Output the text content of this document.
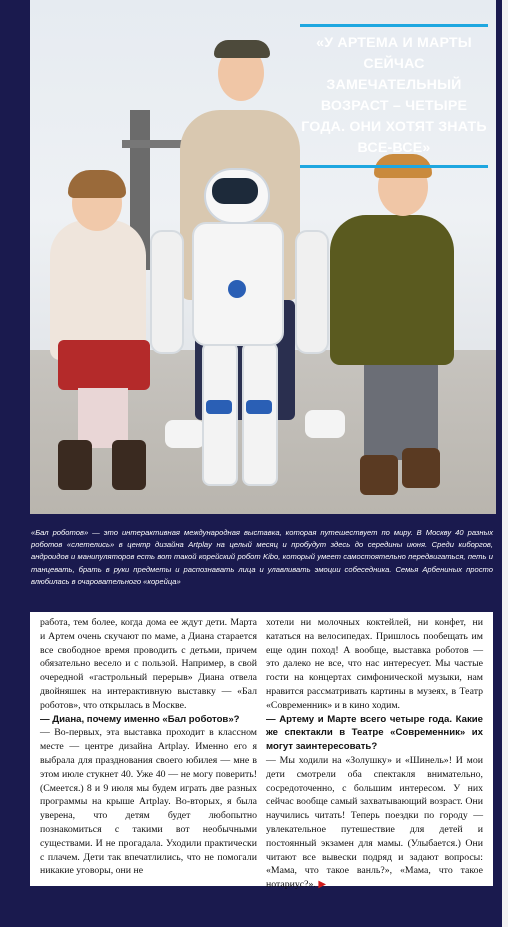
«У АРТЕМА И МАРТЫ СЕЙЧАС ЗАМЕЧАТЕЛЬНЫЙ ВОЗРАСТ – ЧЕТЫРЕ ГОДА. ОНИ ХОТЯТ ЗНАТЬ ВСЕ-ВСЕ»
«Бал роботов» — это интерактивная международная выставка, которая путешествует по миру. В Москву 40 разных роботов «слетелись» в центр дизайна Artplay на целый месяц и пробудут здесь до середины июня. Среди киборгов, андроидов и манипуляторов есть вот такой корейский робот Kibo, который умеет самостоятельно передвигаться, петь и танцевать, брать в руки предметы и распознавать лица и улавливать эмоции собеседника. Семья Арбениных просто влюбилась в очаровательного «корейца»

работа, тем более, когда дома ее ждут дети. Марта и Артем очень скучают по маме, а Диана старается все свободное время проводить с детьми, причем обязательно весело и с пользой. Например, в свой очередной «гастрольный перерыв» Диана отвела двойняшек на интерактивную выставку — «Бал роботов», что открылась в Москве.

— Диана, почему именно «Бал роботов»?

— Во-первых, эта выставка проходит в классном месте — центре дизайна Artplay. Именно его я выбрала для празднования своего юбилея — мне в этом июле стукнет 40. Уже 40 — не могу поверить! (Смеется.) 8 и 9 июля мы будем играть две разных программы на крыше Artplay. Во-вторых, я была уверена, что детям будет любопытно познакомиться с такими вот необычными существами. И не прогадала. Уходили практически с плачем. Дети так впечатлились, что не помогали никакие уговоры, они не

хотели ни молочных коктейлей, ни конфет, ни кататься на велосипедах. Пришлось пообещать им еще один поход! А вообще, выставка роботов — это далеко не все, что нас интересует. Мы частые гости на концертах симфонической музыки, нам нравится рассматривать картины в музеях, в Театр «Современник» и в кино ходим.

— Артему и Марте всего четыре года. Какие же спектакли в Театре «Современник» их могут заинтересовать?

— Мы ходили на «Золушку» и «Шинель»! И мои дети смотрели оба спектакля внимательно, сосредоточенно, с большим интересом. У них сейчас вообще самый захватывающий возраст. Они научились читать! Теперь поездки по городу — увлекательное путешествие для детей и постоянный экзамен для мамы. (Улыбается.) Они читают все вывески подряд и задают вопросы: «Мама, что такое ванль?», «Мама, что такое нотариус?». ▶
